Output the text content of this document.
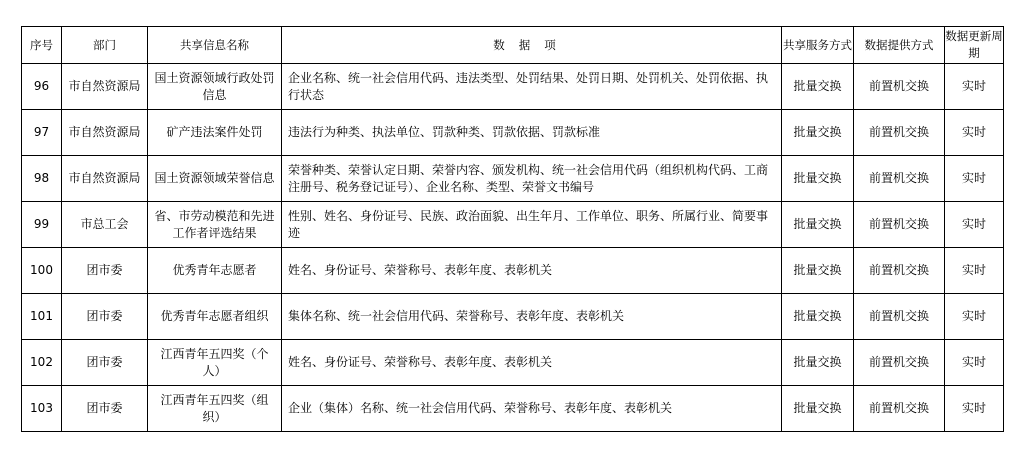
序号	部门	共享信息名称	数据项	共享服务方式	数据提供方式	数据更新周期
96	市自然资源局	国土资源领域行政处罚信息	企业名称、统一社会信用代码、违法类型、处罚结果、处罚日期、处罚机关、处罚依据、执行状态	批量交换	前置机交换	实时
97	市自然资源局	矿产违法案件处罚	违法行为种类、执法单位、罚款种类、罚款依据、罚款标准	批量交换	前置机交换	实时
98	市自然资源局	国土资源领域荣誉信息	荣誉种类、荣誉认定日期、荣誉内容、颁发机构、统一社会信用代码（组织机构代码、工商注册号、税务登记证号）、企业名称、类型、荣誉文书编号	批量交换	前置机交换	实时
99	市总工会	省、市劳动模范和先进工作者评选结果	性别、姓名、身份证号、民族、政治面貌、出生年月、工作单位、职务、所属行业、简要事迹	批量交换	前置机交换	实时
100	团市委	优秀青年志愿者	姓名、身份证号、荣誉称号、表彰年度、表彰机关	批量交换	前置机交换	实时
101	团市委	优秀青年志愿者组织	集体名称、统一社会信用代码、荣誉称号、表彰年度、表彰机关	批量交换	前置机交换	实时
102	团市委	江西青年五四奖（个人）	姓名、身份证号、荣誉称号、表彰年度、表彰机关	批量交换	前置机交换	实时
103	团市委	江西青年五四奖（组织）	企业（集体）名称、统一社会信用代码、荣誉称号、表彰年度、表彰机关	批量交换	前置机交换	实时
